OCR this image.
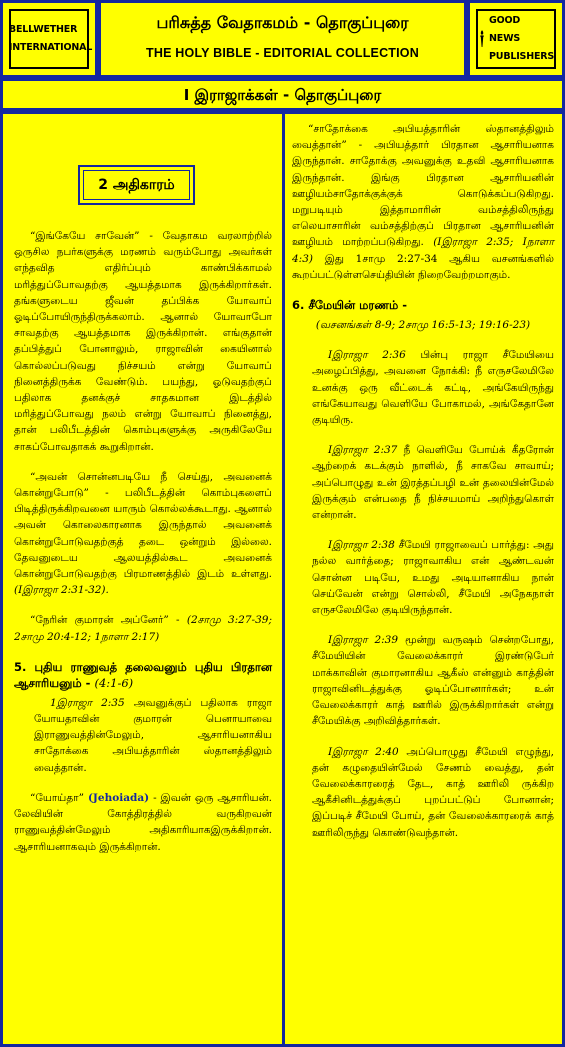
BELLWETHER
INTERNATIONAL
பரிசுத்த வேதாகமம் - தொகுப்புரை
THE HOLY BIBLE - EDITORIAL COLLECTION
GOOD NEWS
PUBLISHERS
I இராஜாக்கள் - தொகுப்புரை
2 அதிகாரம்

“இங்கேயே சாவேன்” - வேதாகம வரலாற்றில் ஒருசில நபர்களுக்கு மரணம் வரும்போது அவர்கள் எந்தவித எதிர்ப்பும் காண்பிக்காமல் மரித்துப்போவதற்கு ஆயத்தமாக இருக்கிறார்கள். தங்களுடைய ஜீவன் தப்பிக்க யோவாப் ஓடிப்போயிருந்திருக்கலாம். ஆனால் யோவாபோ சாவதற்கு ஆயத்தமாக இருக்கிறான். எங்குதான் தப்பித்துப் போனாலும், ராஜாவின் கையினால் கொல்லப்படுவது நிச்சயம் என்று யோவாப் நினைத்திருக்க வேண்டும். பயந்து, ஓடுவதற்குப் பதிலாக தனக்குச் சாதகமான இடத்தில் மரித்துப்போவது நலம் என்று யோவாப் நினைத்து, தான் பலிபீடத்தின் கொம்புகளுக்கு அருகிலேயே சாகப்போவதாகக் கூறுகிறான்.

“அவன் சொன்னபடியே நீ செய்து, அவனைக் கொன்றுபோடு” - பலிபீடத்தின் கொம்புகளைப் பிடித்திருக்கிறவனை யாரும் கொல்லக்கூடாது. ஆனால் அவன் கொலைகாரனாக இருந்தால் அவனைக் கொன்றுபோடுவதற்குத் தடை ஒன்றும் இல்லை. தேவனுடைய ஆலயத்தில்கூட அவனைக் கொன்றுபோடுவதற்கு பிரமாணத்தில் இடம் உள்ளது. (Iஇராஜா 2:31-32).

“நேரின் குமாரன் அப்னேர்” - (2சாமு 3:27-39; 2சாமு 20:4-12; 1நாளா 2:17)

5. புதிய ராணுவத் தலைவனும் புதிய பிரதான ஆசாரியனும் - (4:1-6)

1இராஜா 2:35 அவனுக்குப் பதிலாக ராஜா யோயதாவின் குமாரன் பெனாயாவை இராணுவத்தின்மேலும், ஆசாரியனாகிய சாதோக்கை அபியத்தாரின் ஸ்தானத்திலும் வைத்தான்.

“யோய்தா” (Jehoiada) - இவன் ஒரு ஆசாரியன். லேவியின் கோத்திரத்தில் வருகிறவன் ராணுவத்தின்மேலும் அதிகாரியாகஇருக்கிறான். ஆசாரியனாகவும் இருக்கிறான்.

“சாதோக்கை அபியத்தாரின் ஸ்தானத்திலும் வைத்தான்” - அபியத்தார் பிரதான ஆசாரியனாக இருந்தான். சாதோக்கு அவனுக்கு உதவி ஆசாரியனாக இருந்தான். இங்கு பிரதான ஆசாரியனின் ஊழியம்சாதோக்குக்குக் கொடுக்கப்படுகிறது. மறுபடியும் இத்தாமாரின் வம்சத்திலிருந்து எலெயாசாரின் வம்சத்திற்குப் பிரதான ஆசாரியனின் ஊழியம் மாற்றப்படுகிறது. (Iஇராஜா 2:35; Iநாளா 4:3) இது 1சாமு 2:27-34 ஆகிய வசனங்களில் கூறப்பட்டுள்ளசெய்தியின் நிறைவேற்றமாகும்.

6. சீமேயின் மரணம் -
(வசனங்கள் 8-9; 2சாமு 16:5-13; 19:16-23)

Iஇராஜா 2:36 பின்பு ராஜா சீமேயியை அழைப்பித்து, அவனை நோக்கி: நீ எருசலேமிலே உனக்கு ஒரு வீட்டைக் கட்டி, அங்கேயிருந்து எங்கேயாவது வெளியே போகாமல், அங்கேதானே குடியிரு.

Iஇராஜா 2:37 நீ வெளியே போய்க் கீதரோன் ஆற்றைக் கடக்கும் நாளில், நீ சாகவே சாவாய்; அப்பொழுது உன் இரத்தப்பழி உன் தலையின்மேல் இருக்கும் என்பதை நீ நிச்சயமாய் அறிந்துகொள் என்றான்.

Iஇராஜா 2:38 சீமேயி ராஜாவைப் பார்த்து: அது நல்ல வார்த்தை; ராஜாவாகிய என் ஆண்டவன் சொன்ன படியே, உமது அடியானாகிய நான் செய்வேன் என்று சொல்லி, சீமேயி அநேகநாள் எருசலேமிலே குடியிருந்தான்.

Iஇராஜா 2:39 மூன்று வருஷம் சென்றபோது, சீமேயியின் வேலைக்காரர் இரண்டுபேர் மாக்காவின் குமாரனாகிய ஆகீஸ் என்னும் காத்தின் ராஜாவினிடத்துக்கு ஓடிப்போனார்கள்; உன் வேலைக்காரர் காத் ஊரில் இருக்கிறார்கள் என்று சீமேயிக்கு அறிவித்தார்கள்.

Iஇராஜா 2:40 அப்பொழுது சீமேயி எழுந்து, தன் கழுதையின்மேல் சேணம் வைத்து, தன் வேலைக்காரரைத் தேட, காத் ஊரிலி ருக்கிற ஆகீசினிடத்துக்குப் புறப்பட்டுப் போனான்; இப்படிச் சீமேயி போய், தன் வேலைக்காரரைக் காத் ஊரிலிருந்து கொண்டுவந்தான்.
